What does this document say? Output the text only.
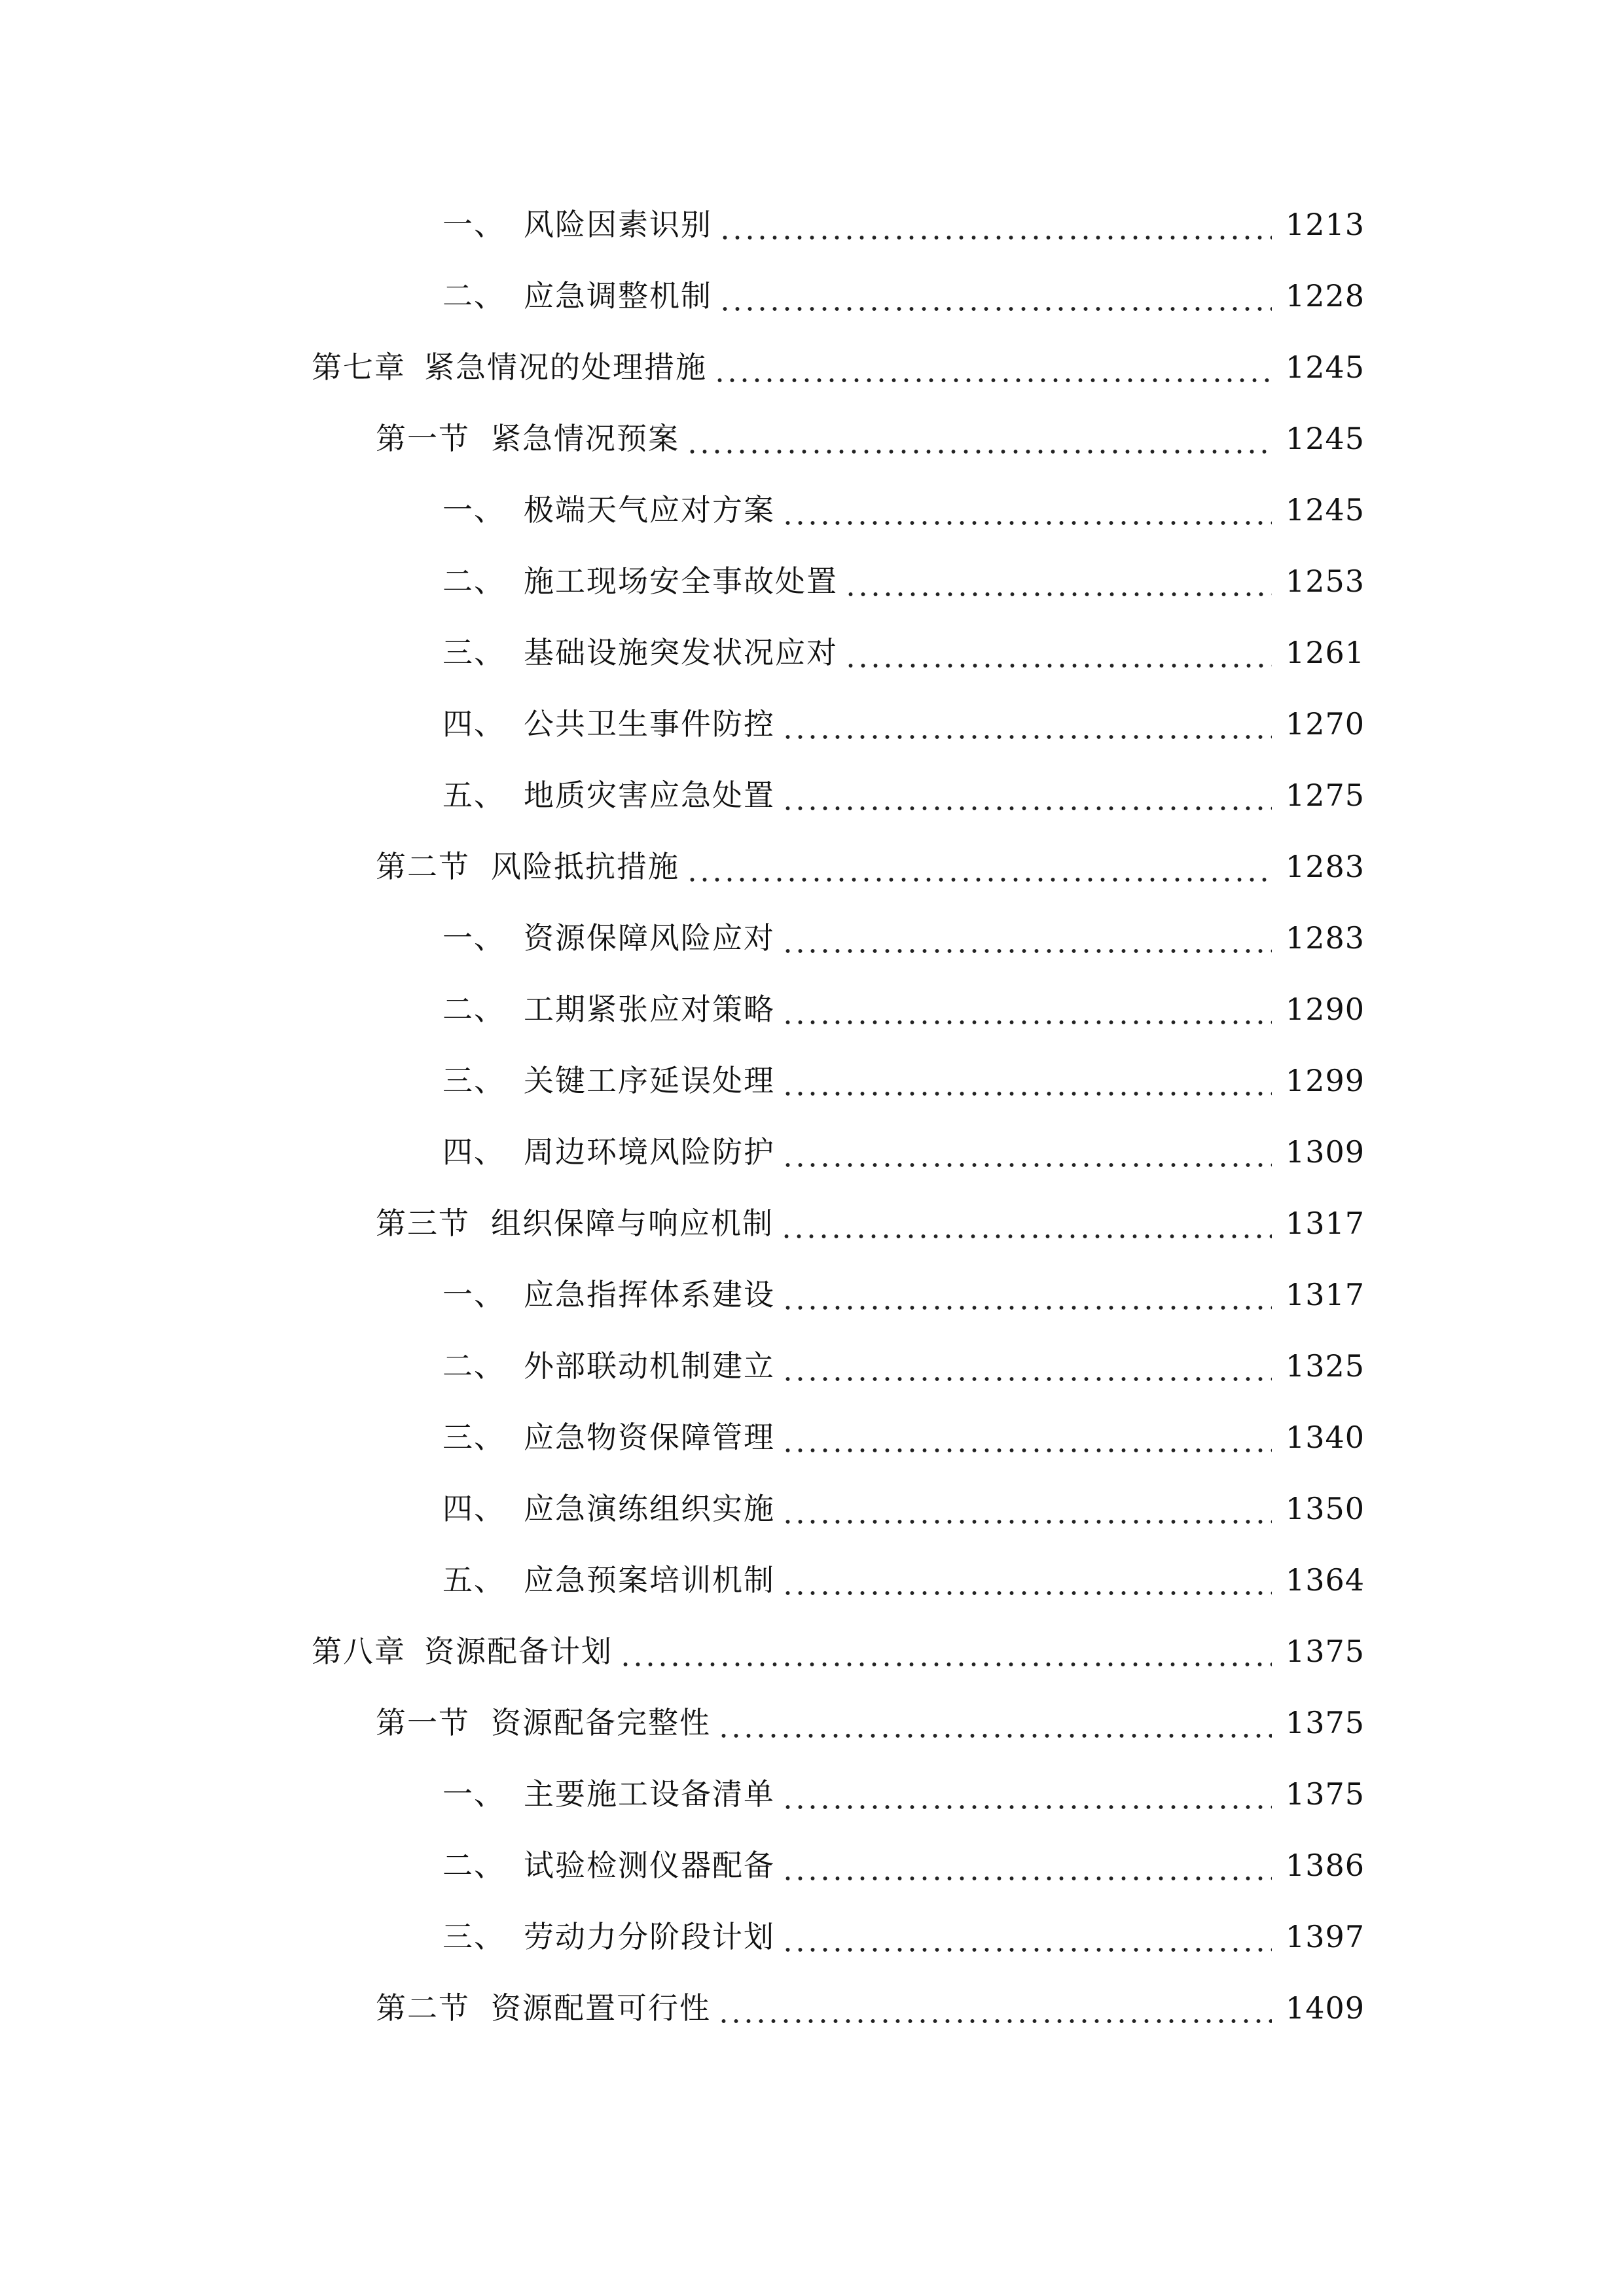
一、 风险因素识别	1213
二、 应急调整机制	1228
第七章 紧急情况的处理措施	1245
第一节 紧急情况预案	1245
一、 极端天气应对方案	1245
二、 施工现场安全事故处置	1253
三、 基础设施突发状况应对	1261
四、 公共卫生事件防控	1270
五、 地质灾害应急处置	1275
第二节 风险抵抗措施	1283
一、 资源保障风险应对	1283
二、 工期紧张应对策略	1290
三、 关键工序延误处理	1299
四、 周边环境风险防护	1309
第三节 组织保障与响应机制	1317
一、 应急指挥体系建设	1317
二、 外部联动机制建立	1325
三、 应急物资保障管理	1340
四、 应急演练组织实施	1350
五、 应急预案培训机制	1364
第八章 资源配备计划	1375
第一节 资源配备完整性	1375
一、 主要施工设备清单	1375
二、 试验检测仪器配备	1386
三、 劳动力分阶段计划	1397
第二节 资源配置可行性	1409
